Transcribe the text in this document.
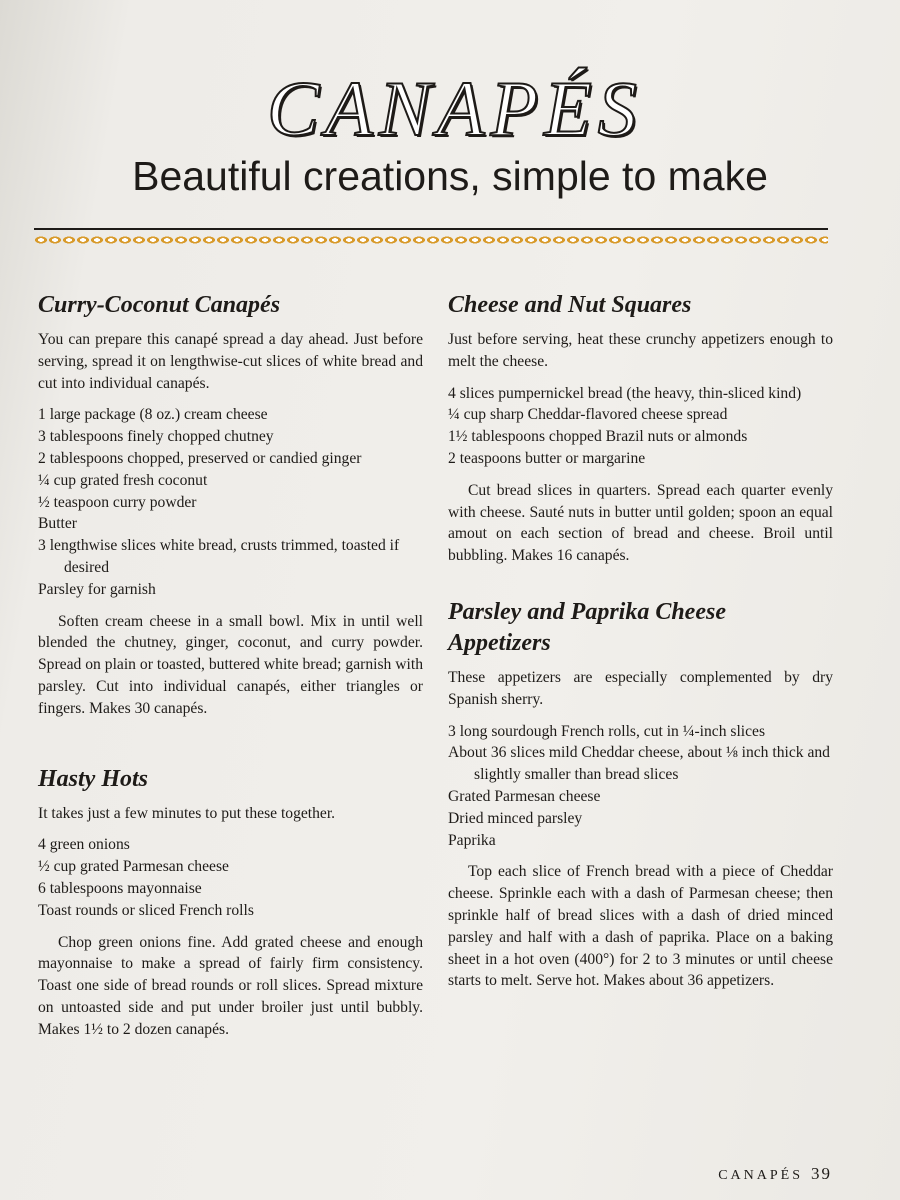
CANAPÉS
Beautiful creations, simple to make
Curry-Coconut Canapés

You can prepare this canapé spread a day ahead. Just before serving, spread it on lengthwise-cut slices of white bread and cut into individual canapés.

1 large package (8 oz.) cream cheese
3 tablespoons finely chopped chutney
2 tablespoons chopped, preserved or candied ginger
¼ cup grated fresh coconut
½ teaspoon curry powder
Butter
3 lengthwise slices white bread, crusts trimmed, toasted if desired
Parsley for garnish

Soften cream cheese in a small bowl. Mix in until well blended the chutney, ginger, coconut, and curry powder. Spread on plain or toasted, buttered white bread; garnish with parsley. Cut into individual canapés, either triangles or fingers. Makes 30 canapés.

Hasty Hots

It takes just a few minutes to put these together.

4 green onions
½ cup grated Parmesan cheese
6 tablespoons mayonnaise
Toast rounds or sliced French rolls

Chop green onions fine. Add grated cheese and enough mayonnaise to make a spread of fairly firm consistency. Toast one side of bread rounds or roll slices. Spread mixture on untoasted side and put under broiler just until bubbly. Makes 1½ to 2 dozen canapés.

Cheese and Nut Squares

Just before serving, heat these crunchy appetizers enough to melt the cheese.

4 slices pumpernickel bread (the heavy, thin-sliced kind)
¼ cup sharp Cheddar-flavored cheese spread
1½ tablespoons chopped Brazil nuts or almonds
2 teaspoons butter or margarine

Cut bread slices in quarters. Spread each quarter evenly with cheese. Sauté nuts in butter until golden; spoon an equal amout on each section of bread and cheese. Broil until bubbling. Makes 16 canapés.

Parsley and Paprika Cheese Appetizers

These appetizers are especially complemented by dry Spanish sherry.

3 long sourdough French rolls, cut in ¼-inch slices
About 36 slices mild Cheddar cheese, about ⅛ inch thick and slightly smaller than bread slices
Grated Parmesan cheese
Dried minced parsley
Paprika

Top each slice of French bread with a piece of Cheddar cheese. Sprinkle each with a dash of Parmesan cheese; then sprinkle half of bread slices with a dash of dried minced parsley and half with a dash of paprika. Place on a baking sheet in a hot oven (400°) for 2 to 3 minutes or until cheese starts to melt. Serve hot. Makes about 36 appetizers.

CANAPÉS 39
